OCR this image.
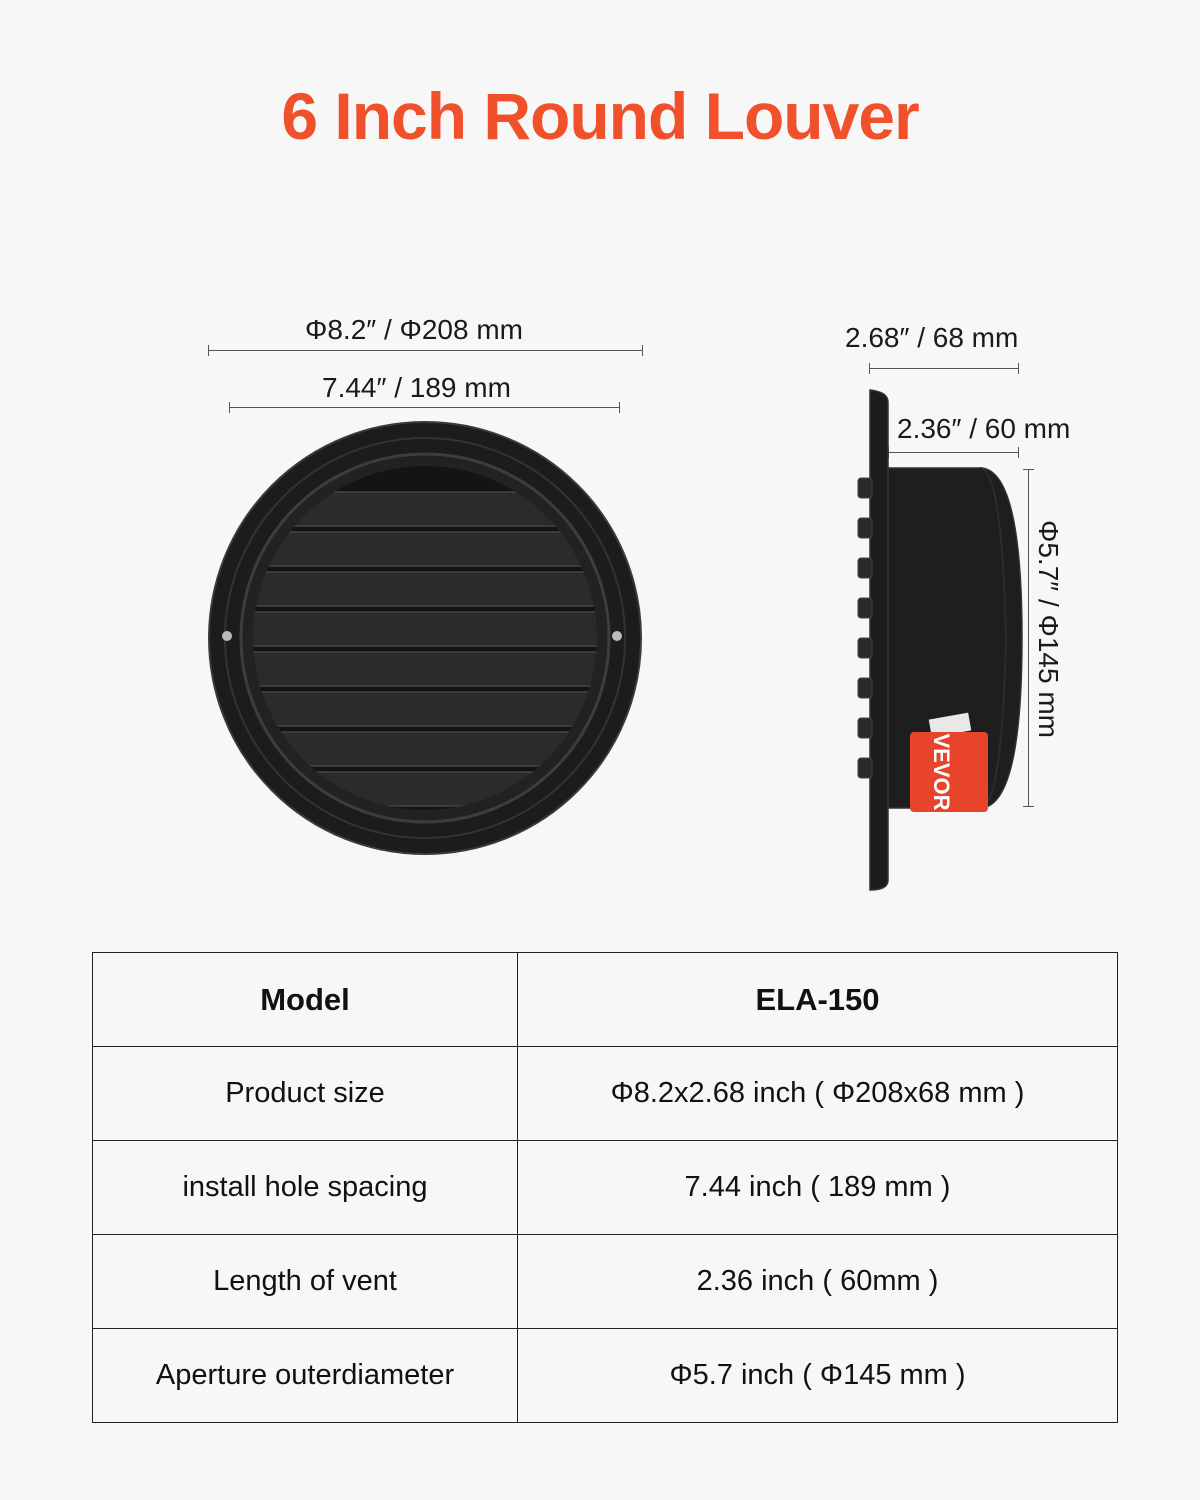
6 Inch Round Louver
Φ8.2″ / Φ208 mm
7.44″ / 189 mm
2.68″ / 68 mm
2.36″ / 60 mm
Φ5.7″ / Φ145 mm
VEVOR
Model	ELA-150
Product size	Φ8.2x2.68 inch ( Φ208x68 mm )
install hole spacing	7.44 inch ( 189 mm )
Length of vent	2.36 inch ( 60mm )
Aperture outerdiameter	Φ5.7 inch ( Φ145 mm )
